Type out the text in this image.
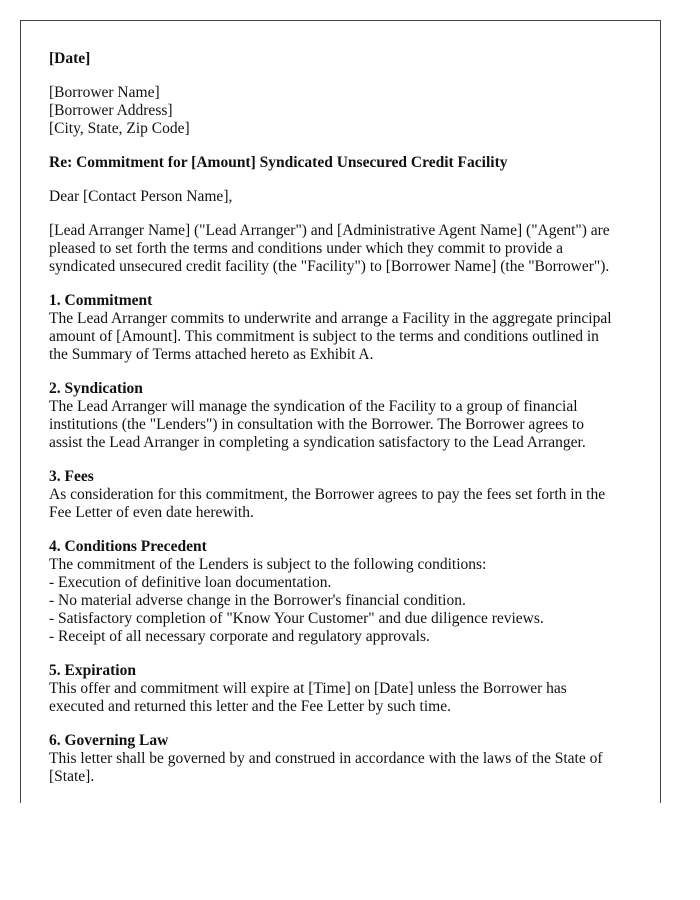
[Date]
[Borrower Name]
[Borrower Address]
[City, State, Zip Code]
Re: Commitment for [Amount] Syndicated Unsecured Credit Facility
Dear [Contact Person Name],
[Lead Arranger Name] ("Lead Arranger") and [Administrative Agent Name] ("Agent") are
pleased to set forth the terms and conditions under which they commit to provide a
syndicated unsecured credit facility (the "Facility") to [Borrower Name] (the "Borrower").
1. Commitment
The Lead Arranger commits to underwrite and arrange a Facility in the aggregate principal
amount of [Amount]. This commitment is subject to the terms and conditions outlined in
the Summary of Terms attached hereto as Exhibit A.
2. Syndication
The Lead Arranger will manage the syndication of the Facility to a group of financial
institutions (the "Lenders") in consultation with the Borrower. The Borrower agrees to
assist the Lead Arranger in completing a syndication satisfactory to the Lead Arranger.
3. Fees
As consideration for this commitment, the Borrower agrees to pay the fees set forth in the
Fee Letter of even date herewith.
4. Conditions Precedent
The commitment of the Lenders is subject to the following conditions:
- Execution of definitive loan documentation.
- No material adverse change in the Borrower's financial condition.
- Satisfactory completion of "Know Your Customer" and due diligence reviews.
- Receipt of all necessary corporate and regulatory approvals.
5. Expiration
This offer and commitment will expire at [Time] on [Date] unless the Borrower has
executed and returned this letter and the Fee Letter by such time.
6. Governing Law
This letter shall be governed by and construed in accordance with the laws of the State of
[State].
